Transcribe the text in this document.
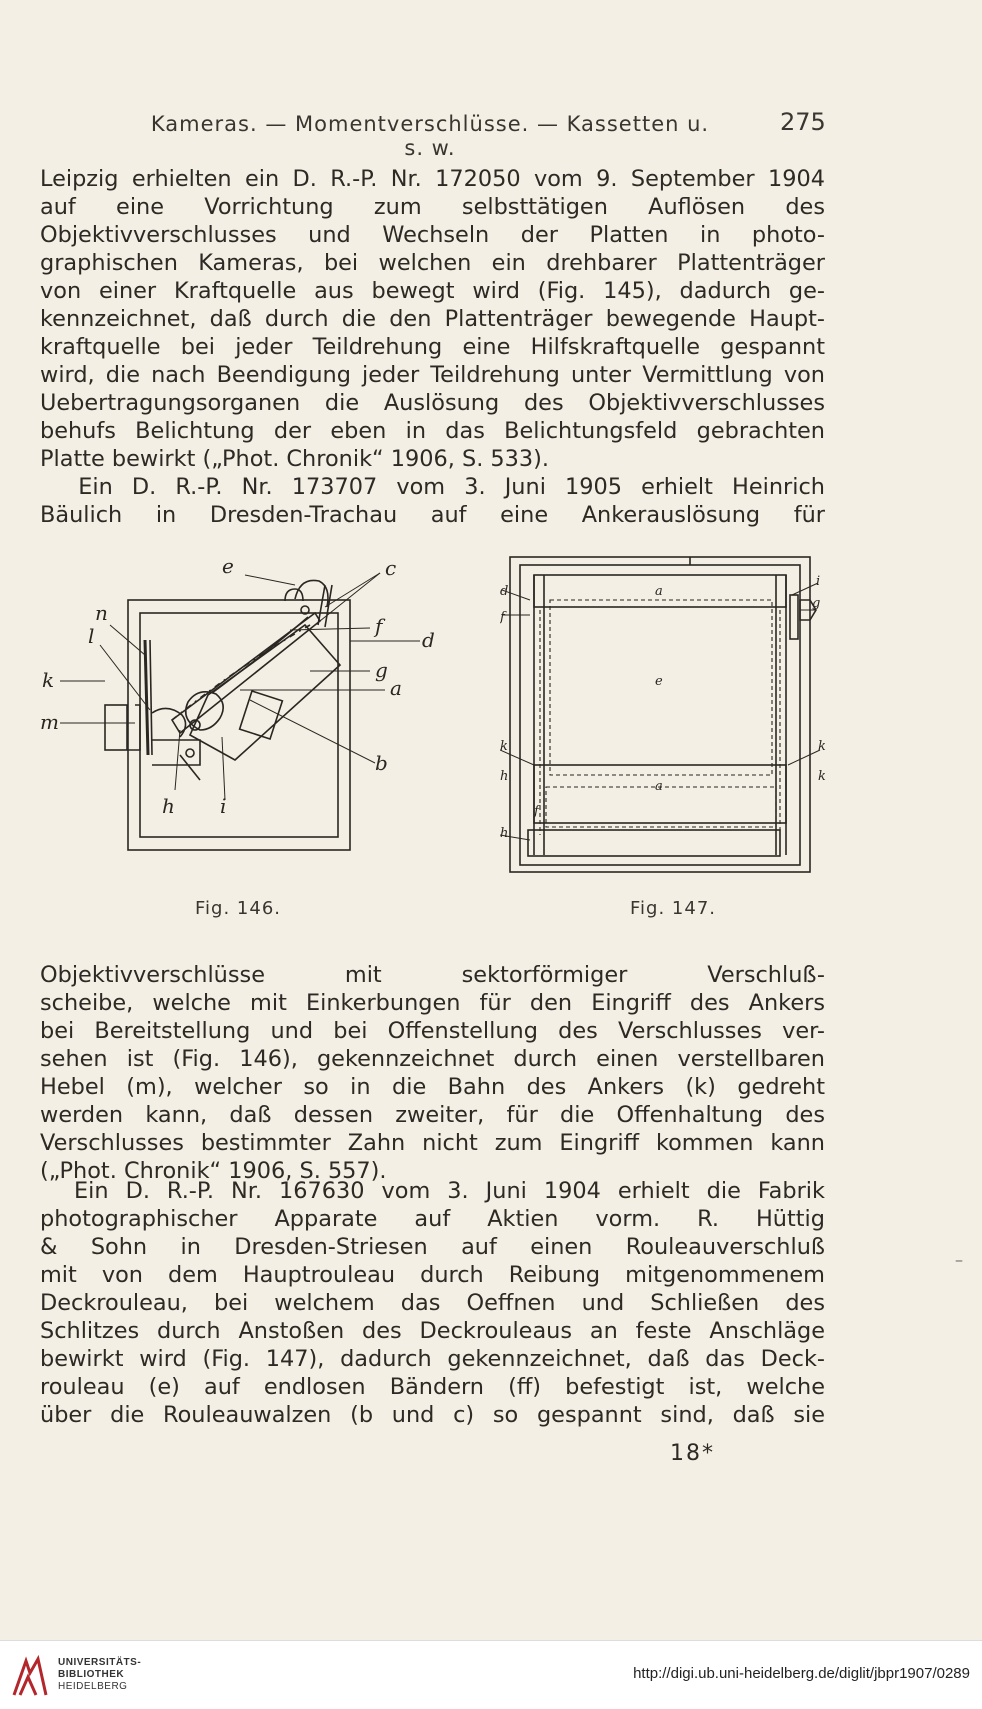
Kameras. — Momentverschlüsse. — Kassetten u. s. w.
275
Leipzig erhielten ein D. R.-P. Nr. 172050 vom 9. September 1904
auf eine Vorrichtung zum selbsttätigen Auflösen des
Objektivverschlusses und Wechseln der Platten in photo-
graphischen Kameras, bei welchen ein drehbarer Plattenträger
von einer Kraftquelle aus bewegt wird (Fig. 145), dadurch ge-
kennzeichnet, daß durch die den Plattenträger bewegende Haupt-
kraftquelle bei jeder Teildrehung eine Hilfskraftquelle gespannt
wird, die nach Beendigung jeder Teildrehung unter Vermittlung von
Uebertragungsorganen die Auslösung des Objektivverschlusses
behufs Belichtung der eben in das Belichtungsfeld gebrachten
Platte bewirkt („Phot. Chronik“ 1906, S. 533).
Ein D. R.-P. Nr. 173707 vom 3. Juni 1905 erhielt Heinrich
Bäulich in Dresden-Trachau auf eine Ankerauslösung für
e	c
n
l	f
d
k	g
a
m
b
h i
Fig. 146.
i
d	a
g
f
e
k	k
k
a
h
f
h
Fig. 147.
Objektivverschlüsse mit sektorförmiger Verschluß-
scheibe, welche mit Einkerbungen für den Eingriff des Ankers
bei Bereitstellung und bei Offenstellung des Verschlusses ver-
sehen ist (Fig. 146), gekennzeichnet durch einen verstellbaren
Hebel (m), welcher so in die Bahn des Ankers (k) gedreht
werden kann, daß dessen zweiter, für die Offenhaltung des
Verschlusses bestimmter Zahn nicht zum Eingriff kommen kann
(„Phot. Chronik“ 1906, S. 557).
Ein D. R.-P. Nr. 167630 vom 3. Juni 1904 erhielt die Fabrik
photographischer Apparate auf Aktien vorm. R. Hüttig
& Sohn in Dresden-Striesen auf einen Rouleauverschluß
mit von dem Hauptrouleau durch Reibung mitgenommenem
Deckrouleau, bei welchem das Oeffnen und Schließen des
Schlitzes durch Anstoßen des Deckrouleaus an feste Anschläge
bewirkt wird (Fig. 147), dadurch gekennzeichnet, daß das Deck-
rouleau (e) auf endlosen Bändern (ff) befestigt ist, welche
über die Rouleauwalzen (b und c) so gespannt sind, daß sie
–
18*
UNIVERSITÄTS-
BIBLIOTHEK
HEIDELBERG
http://digi.ub.uni-heidelberg.de/diglit/jbpr1907/0289
